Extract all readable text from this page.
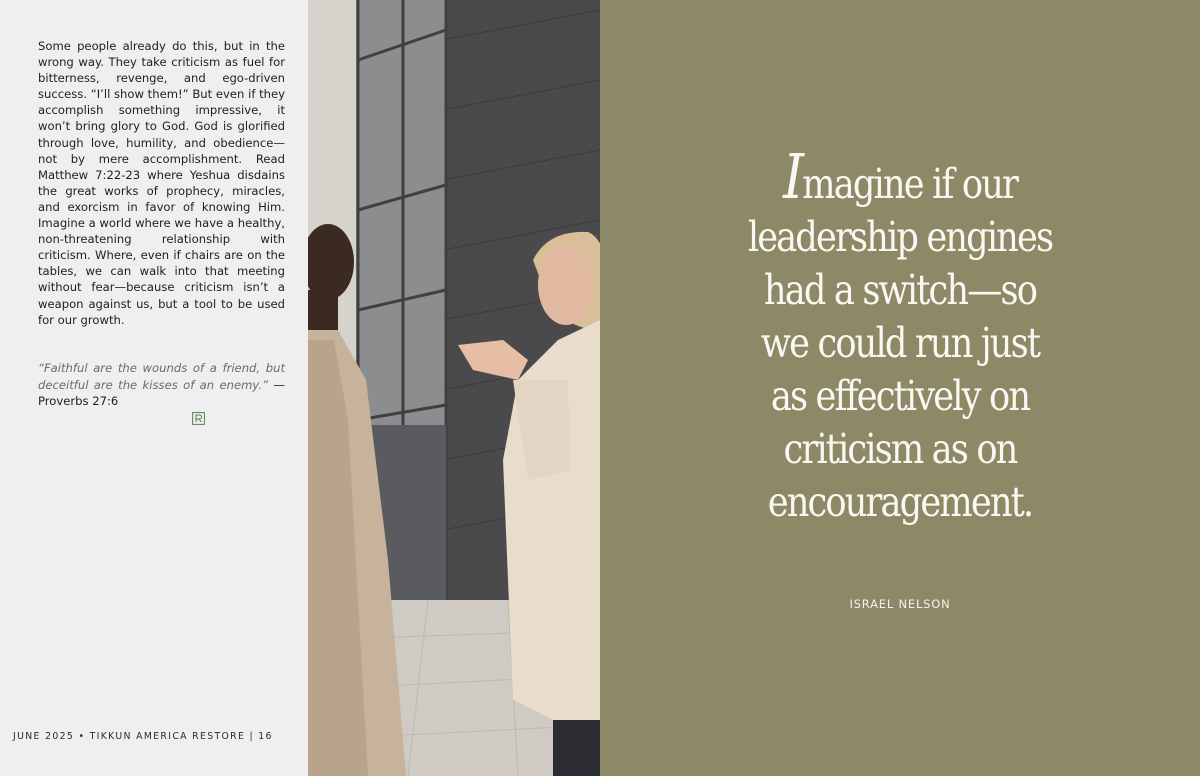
Some people already do this, but in the wrong way. They take criticism as fuel for bitterness, revenge, and ego-driven success. “I’ll show them!” But even if they accomplish something impressive, it won’t bring glory to God. God is glorified through love, humility, and obedience—not by mere accomplishment. Read Matthew 7:22-23 where Yeshua disdains the great works of prophecy, miracles, and exorcism in favor of knowing Him. Imagine a world where we have a healthy, non-threatening relationship with criticism. Where, even if chairs are on the tables, we can walk into that meeting without fear—because criticism isn’t a weapon against us, but a tool to be used for our growth.

“Faithful are the wounds of a friend, but deceitful are the kisses of an enemy.” — Proverbs 27:6

JUNE 2025 • TIKKUN AMERICA RESTORE | 16

Imagine if our leadership engines had a switch—so we could run just as effectively on criticism as on encouragement.

ISRAEL NELSON
